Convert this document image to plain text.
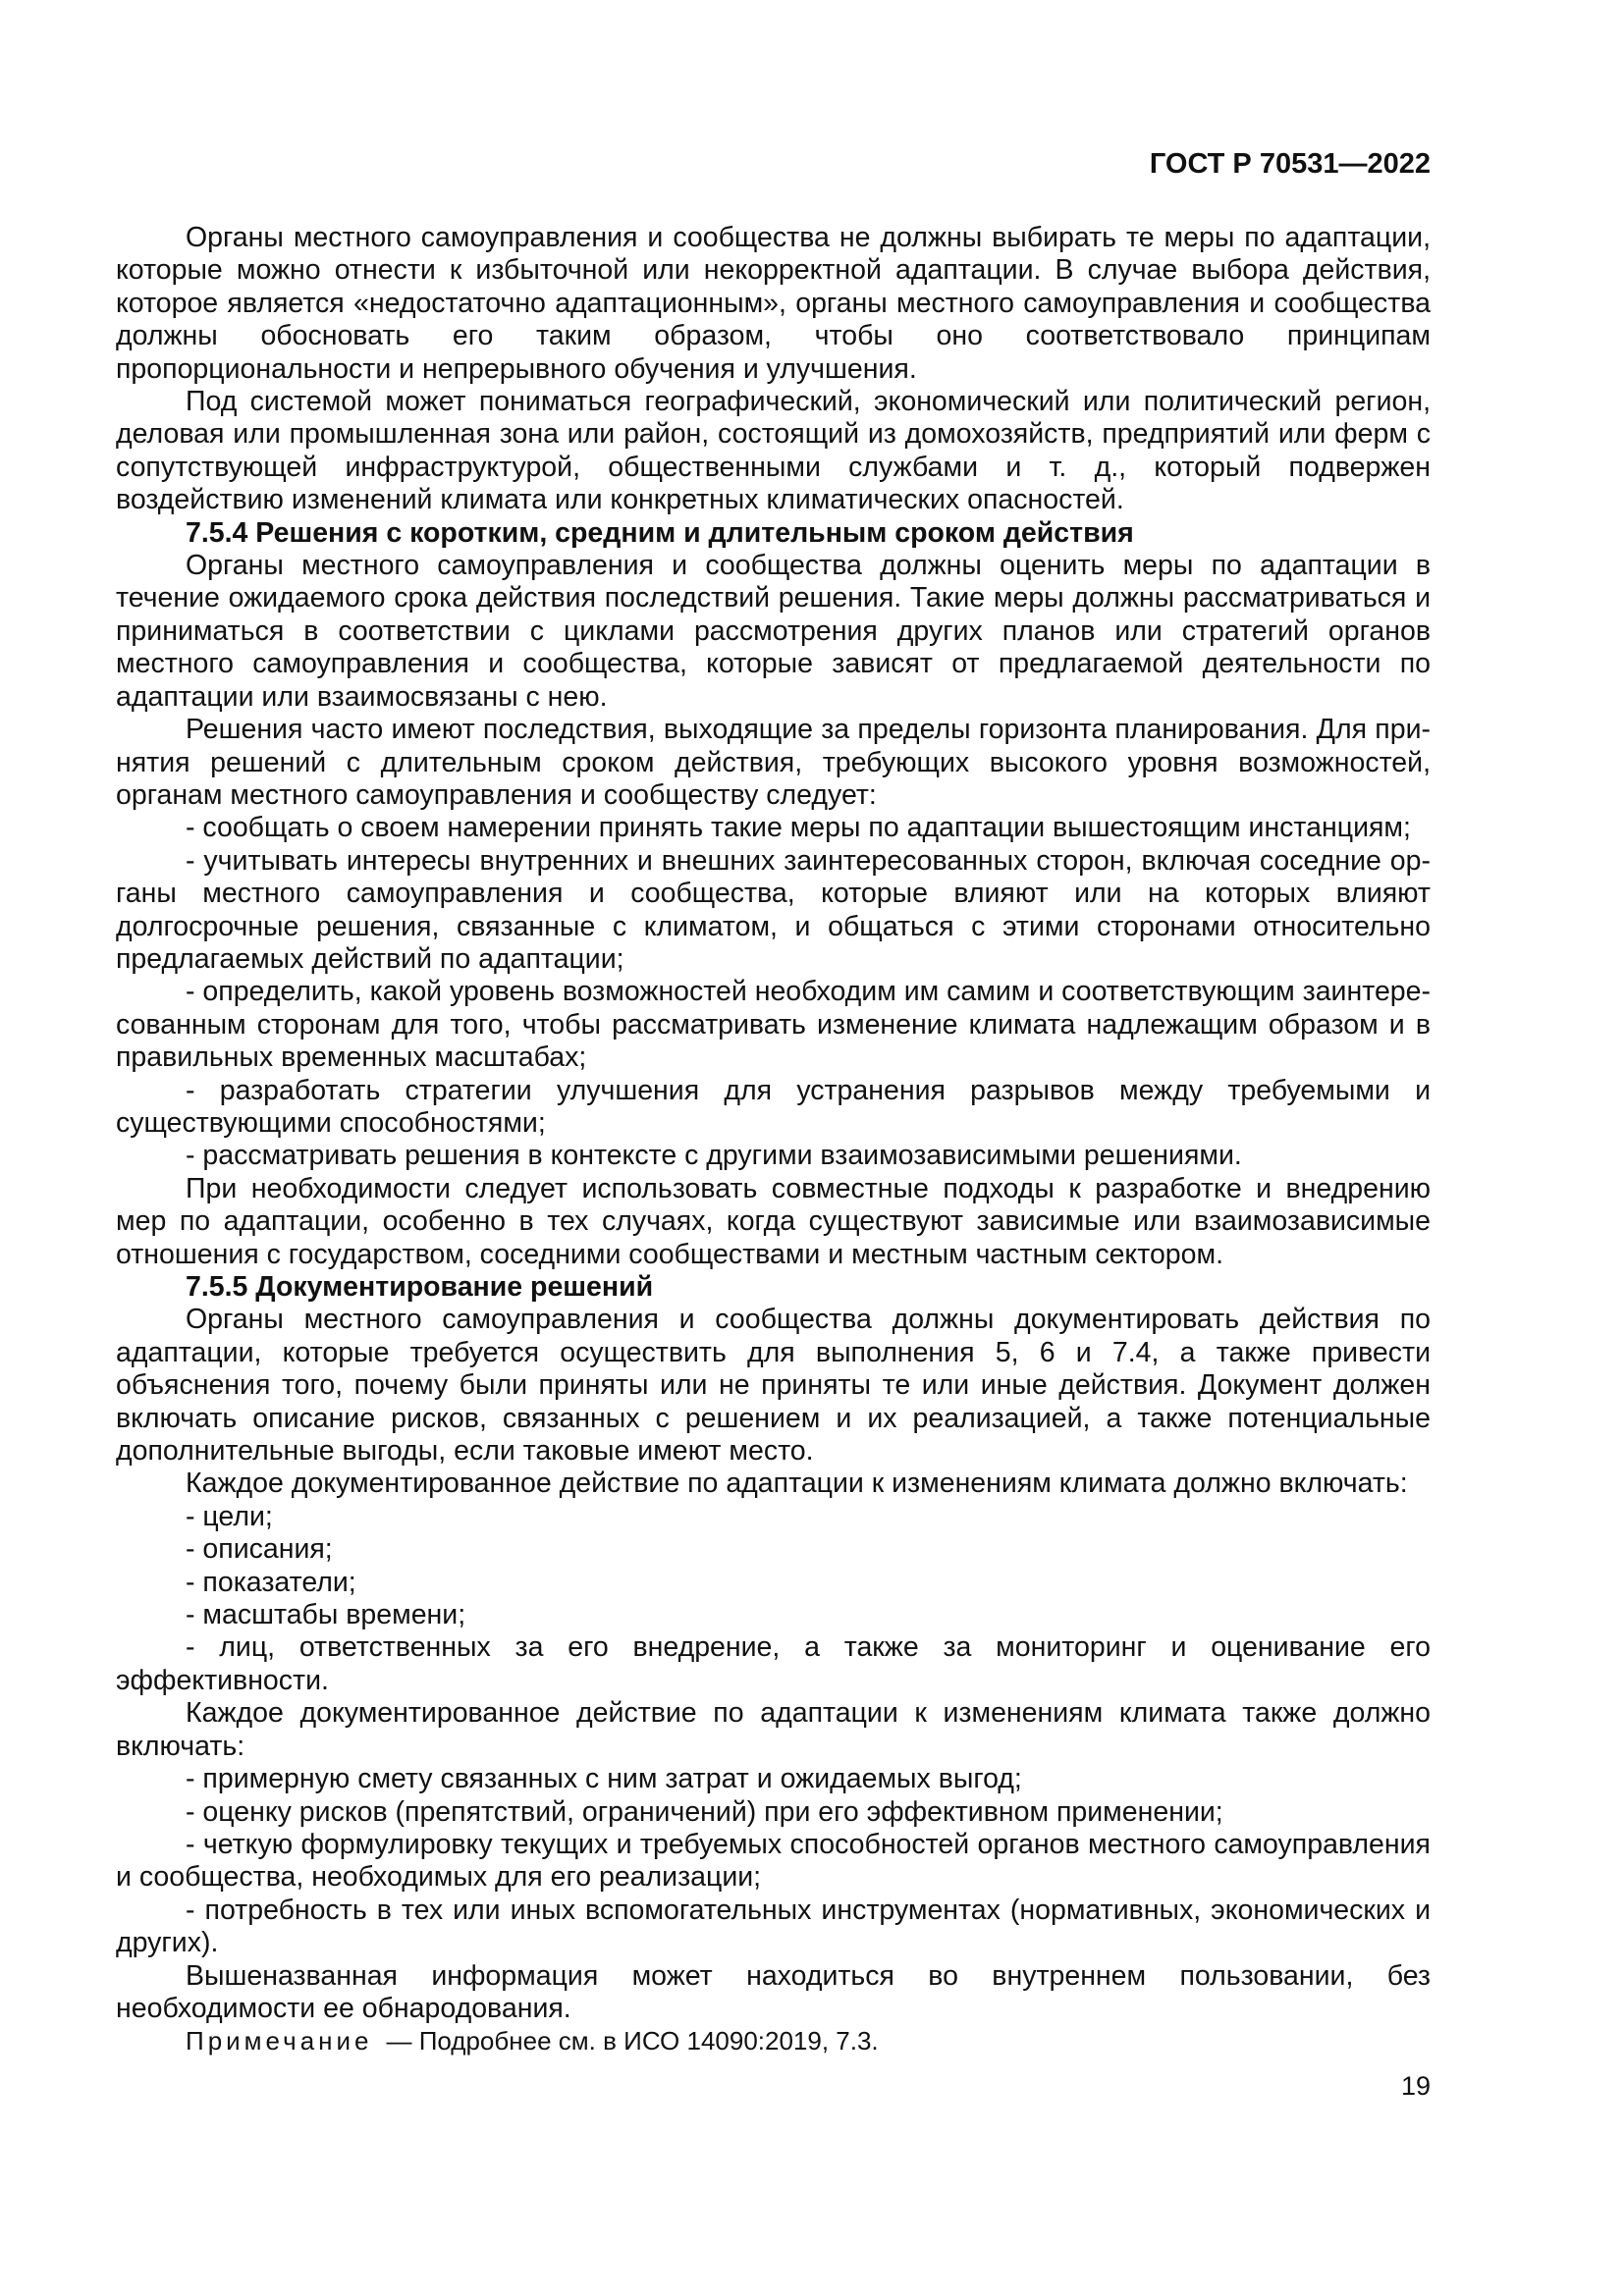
ГОСТ Р 70531—2022

Органы местного самоуправления и сообщества не должны выбирать те меры по адаптации, которые можно отнести к избыточной или некорректной адаптации. В случае выбора действия, которое является «недостаточно адаптационным», органы местного самоуправления и сообщества должны обосновать его таким образом, чтобы оно соответствовало принципам пропорциональности и непрерывного обучения и улучшения.

Под системой может пониматься географический, экономический или политический регион, деловая или промышленная зона или район, состоящий из домохозяйств, предприятий или ферм с сопутствующей инфраструктурой, общественными службами и т. д., который подвержен воздействию изменений климата или конкретных климатических опасностей.

7.5.4 Решения с коротким, средним и длительным сроком действия

Органы местного самоуправления и сообщества должны оценить меры по адаптации в течение ожидаемого срока действия последствий решения. Такие меры должны рассматриваться и приниматься в соответствии с циклами рассмотрения других планов или стратегий органов местного самоуправления и сообщества, которые зависят от предлагаемой деятельности по адаптации или взаимосвязаны с нею.

Решения часто имеют последствия, выходящие за пределы горизонта планирования. Для принятия решений с длительным сроком действия, требующих высокого уровня возможностей, органам местного самоуправления и сообществу следует:

- сообщать о своем намерении принять такие меры по адаптации вышестоящим инстанциям;

- учитывать интересы внутренних и внешних заинтересованных сторон, включая соседние органы местного самоуправления и сообщества, которые влияют или на которых влияют долгосрочные решения, связанные с климатом, и общаться с этими сторонами относительно предлагаемых действий по адаптации;

- определить, какой уровень возможностей необходим им самим и соответствующим заинтересованным сторонам для того, чтобы рассматривать изменение климата надлежащим образом и в правильных временных масштабах;

- разработать стратегии улучшения для устранения разрывов между требуемыми и существующими способностями;

- рассматривать решения в контексте с другими взаимозависимыми решениями.

При необходимости следует использовать совместные подходы к разработке и внедрению мер по адаптации, особенно в тех случаях, когда существуют зависимые или взаимозависимые отношения с государством, соседними сообществами и местным частным сектором.

7.5.5 Документирование решений

Органы местного самоуправления и сообщества должны документировать действия по адаптации, которые требуется осуществить для выполнения 5, 6 и 7.4, а также привести объяснения того, почему были приняты или не приняты те или иные действия. Документ должен включать описание рисков, связанных с решением и их реализацией, а также потенциальные дополнительные выгоды, если таковые имеют место.

Каждое документированное действие по адаптации к изменениям климата должно включать:

- цели;

- описания;

- показатели;

- масштабы времени;

- лиц, ответственных за его внедрение, а также за мониторинг и оценивание его эффективности.

Каждое документированное действие по адаптации к изменениям климата также должно включать:

- примерную смету связанных с ним затрат и ожидаемых выгод;

- оценку рисков (препятствий, ограничений) при его эффективном применении;

- четкую формулировку текущих и требуемых способностей органов местного самоуправления и сообщества, необходимых для его реализации;

- потребность в тех или иных вспомогательных инструментах (нормативных, экономических и других).

Вышеназванная информация может находиться во внутреннем пользовании, без необходимости ее обнародования.

Примечание — Подробнее см. в ИСО 14090:2019, 7.3.

19
